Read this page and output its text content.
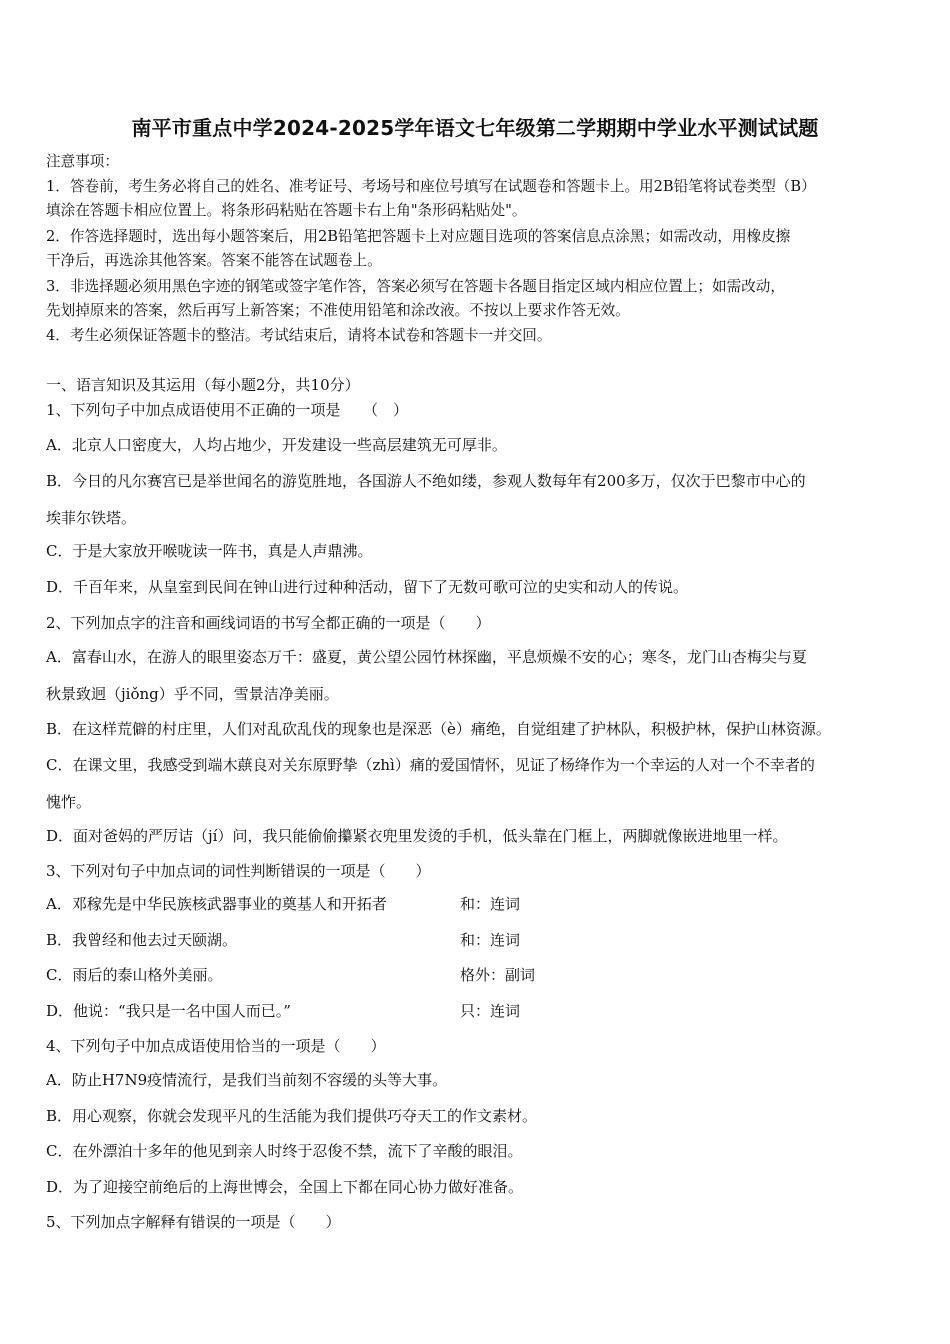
南平市重点中学2024-2025学年语文七年级第二学期期中学业水平测试试题
注意事项：
1．答卷前，考生务必将自己的姓名、准考证号、考场号和座位号填写在试题卷和答题卡上。用2B铅笔将试卷类型（B）
填涂在答题卡相应位置上。将条形码粘贴在答题卡右上角"条形码粘贴处"。
2．作答选择题时，选出每小题答案后，用2B铅笔把答题卡上对应题目选项的答案信息点涂黑；如需改动，用橡皮擦
干净后，再选涂其他答案。答案不能答在试题卷上。
3．非选择题必须用黑色字迹的钢笔或签字笔作答，答案必须写在答题卡各题目指定区域内相应位置上；如需改动，
先划掉原来的答案，然后再写上新答案；不准使用铅笔和涂改液。不按以上要求作答无效。
4．考生必须保证答题卡的整洁。考试结束后，请将本试卷和答题卡一并交回。
一、语言知识及其运用（每小题2分，共10分）
1、下列句子中加点成语使用不正确的一项是　　（　）
A．北京人口密度大，人均占地少，开发建设一些高层建筑无可厚非。
B．今日的凡尔赛宫已是举世闻名的游览胜地，各国游人不绝如缕，参观人数每年有200多万，仅次于巴黎市中心的
埃菲尔铁塔。
C．于是大家放开喉咙读一阵书，真是人声鼎沸。
D．千百年来，从皇室到民间在钟山进行过种种活动，留下了无数可歌可泣的史实和动人的传说。
2、下列加点字的注音和画线词语的书写全都正确的一项是（　　）
A．富春山水，在游人的眼里姿态万千：盛夏，黄公望公园竹林探幽，平息烦燥不安的心；寒冬，龙门山杏梅尖与夏
秋景致迥（jiǒng）乎不同，雪景洁净美丽。
B．在这样荒僻的村庄里，人们对乱砍乱伐的现象也是深恶（è）痛绝，自觉组建了护林队，积极护林，保护山林资源。
C．在课文里，我感受到端木蕻良对关东原野挚（zhì）痛的爱国情怀，见证了杨绛作为一个幸运的人对一个不幸者的
愧怍。
D．面对爸妈的严厉诘（jí）问，我只能偷偷攥紧衣兜里发烫的手机，低头靠在门框上，两脚就像嵌进地里一样。
3、下列对句子中加点词的词性判断错误的一项是（　　）
A．邓稼先是中华民族核武器事业的奠基人和开拓者	和：连词
B．我曾经和他去过天颐湖。	和：连词
C．雨后的泰山格外美丽。	格外：副词
D．他说：“我只是一名中国人而已。”	只：连词
4、下列句子中加点成语使用恰当的一项是（　　）
A．防止H7N9疫情流行，是我们当前刻不容缓的头等大事。
B．用心观察，你就会发现平凡的生活能为我们提供巧夺天工的作文素材。
C．在外漂泊十多年的他见到亲人时终于忍俊不禁，流下了辛酸的眼泪。
D．为了迎接空前绝后的上海世博会，全国上下都在同心协力做好准备。
5、下列加点字解释有错误的一项是（　　）
